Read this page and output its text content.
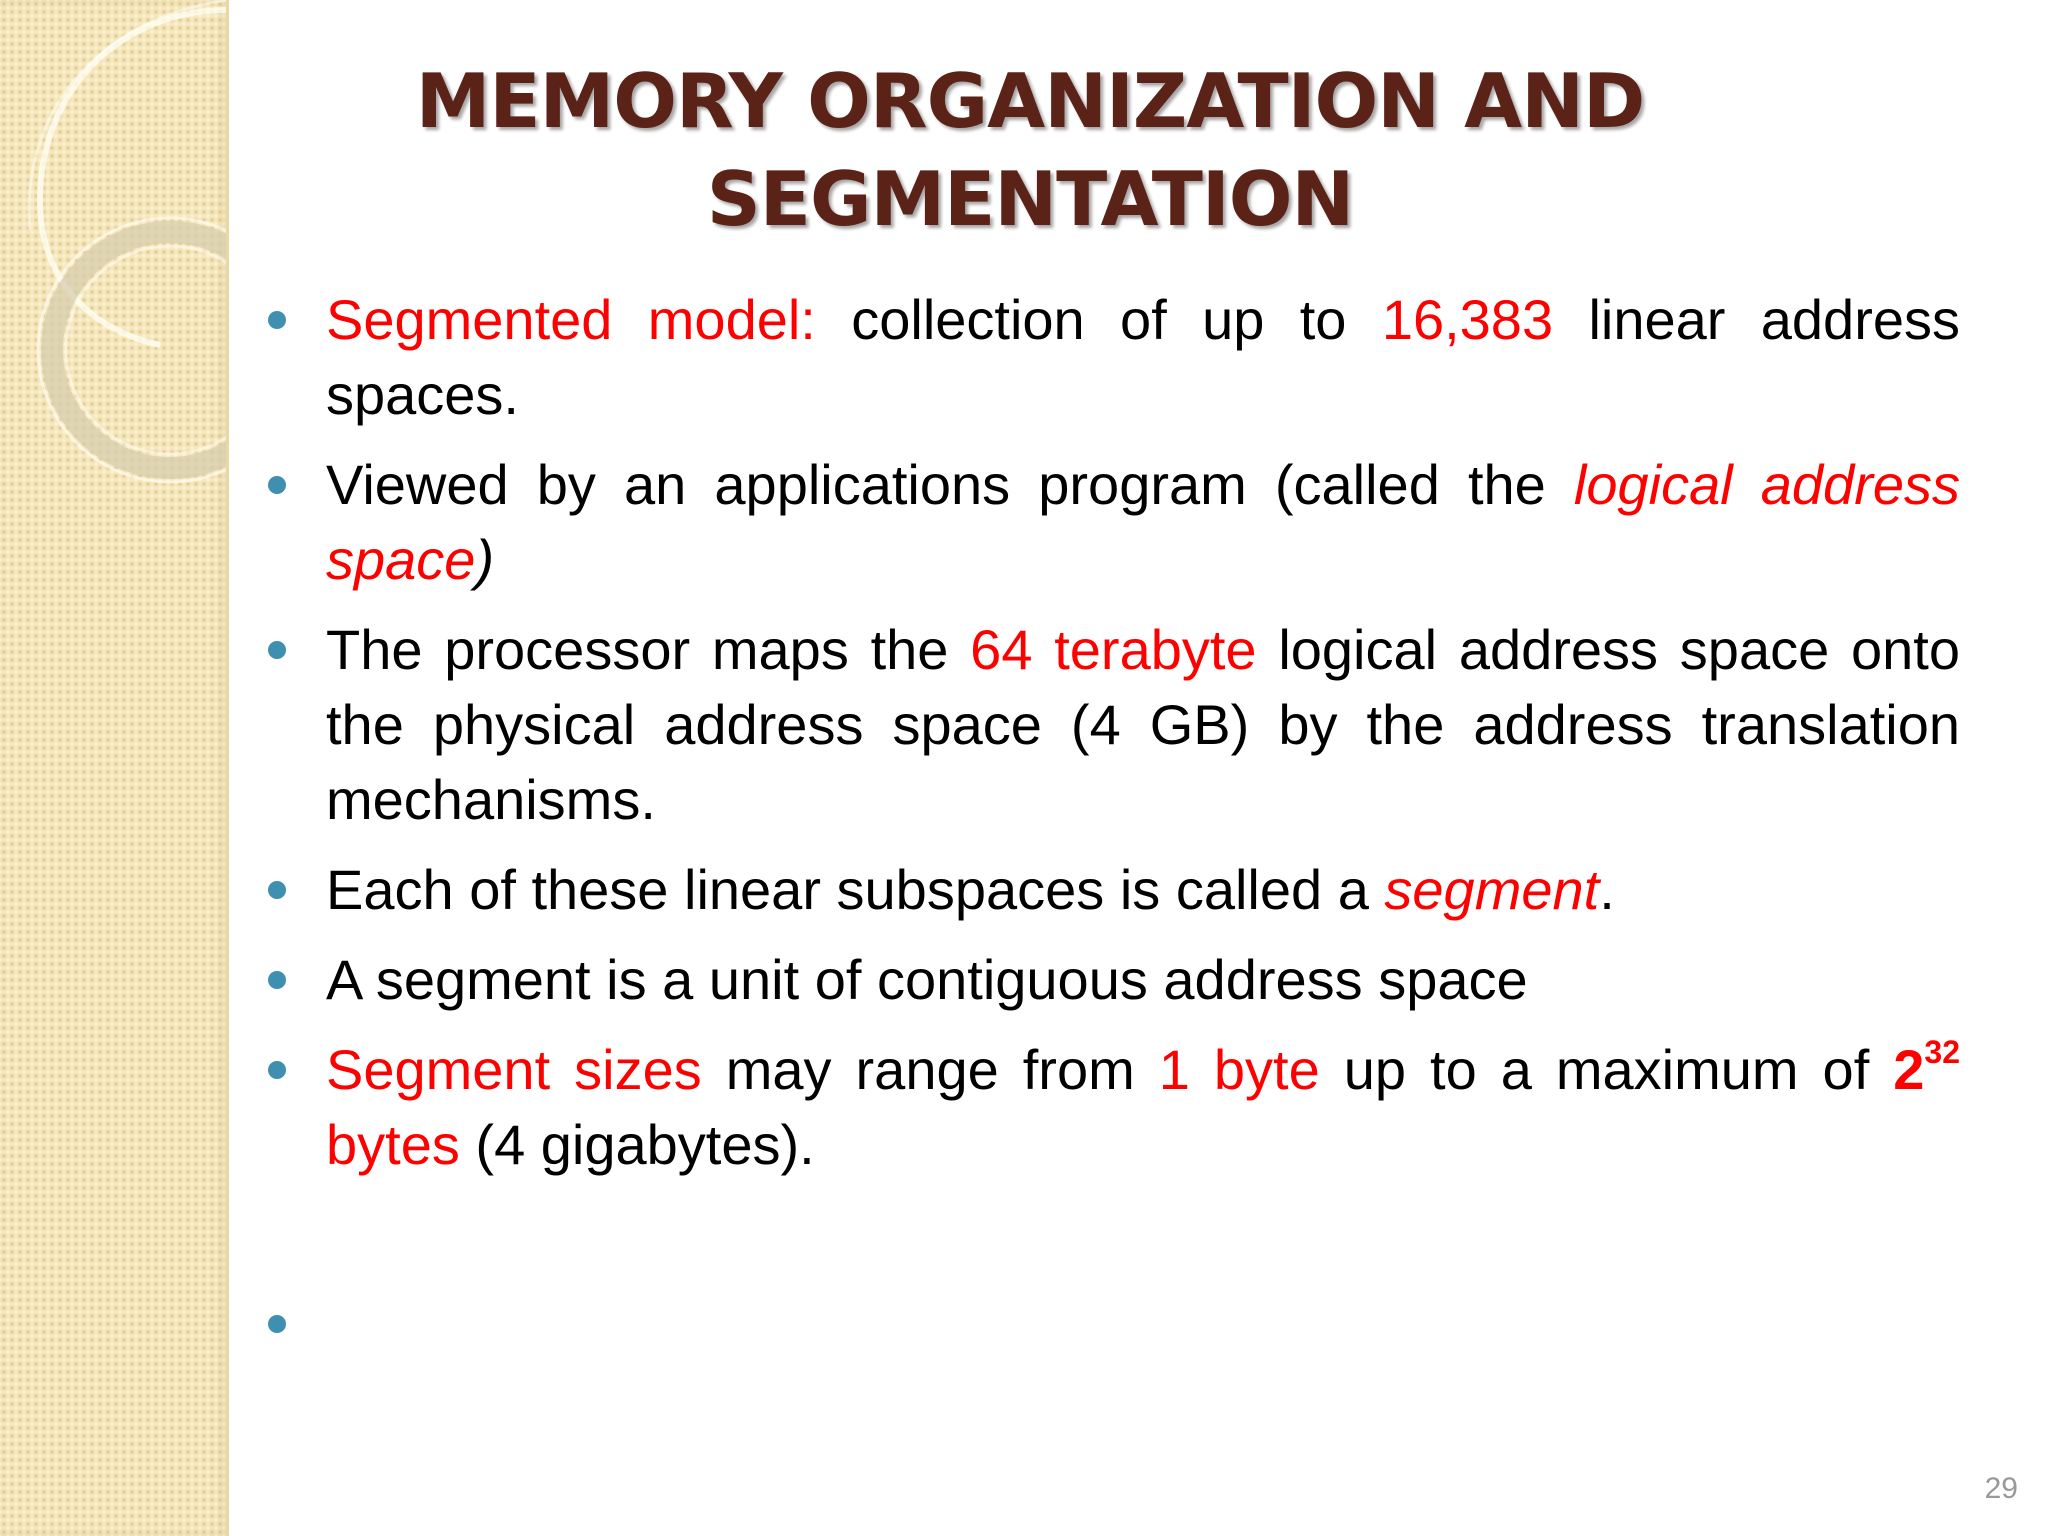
MEMORY ORGANIZATION AND
SEGMENTATION
Segmented model: collection of up to 16,383 linear address spaces.
Viewed by an applications program (called the logical address space)
The processor maps the 64 terabyte logical address space onto the physical address space (4 GB) by the address translation mechanisms.
Each of these linear subspaces is called a segment.
A segment is a unit of contiguous address space
Segment sizes may range from 1 byte up to a maximum of $2^{32}$ bytes (4 gigabytes).
29
